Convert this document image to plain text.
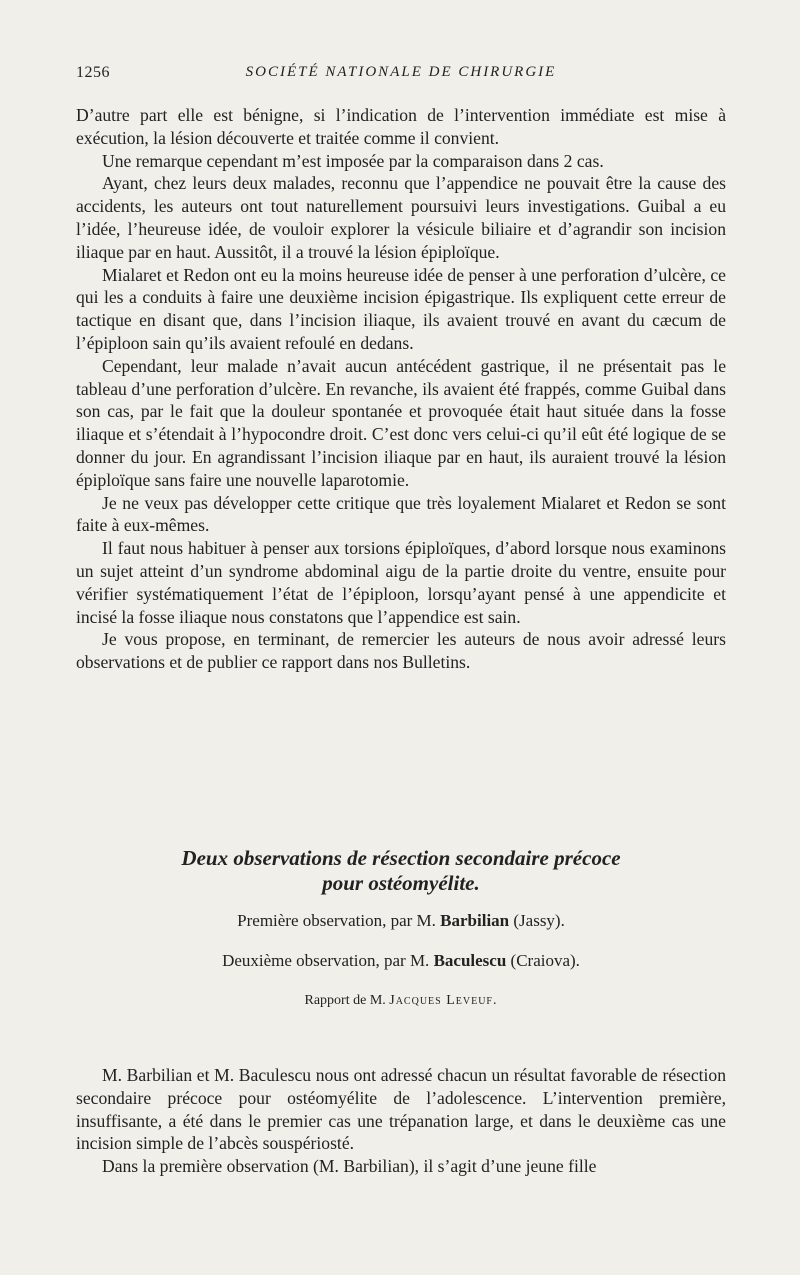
1256	SOCIÉTÉ NATIONALE DE CHIRURGIE

D’autre part elle est bénigne, si l’indication de l’intervention immédiate est mise à exécution, la lésion découverte et traitée comme il convient.

Une remarque cependant m’est imposée par la comparaison dans 2 cas.

Ayant, chez leurs deux malades, reconnu que l’appendice ne pouvait être la cause des accidents, les auteurs ont tout naturellement poursuivi leurs investigations. Guibal a eu l’idée, l’heureuse idée, de vouloir explorer la vésicule biliaire et d’agrandir son incision iliaque par en haut. Aussitôt, il a trouvé la lésion épiploïque.

Mialaret et Redon ont eu la moins heureuse idée de penser à une perforation d’ulcère, ce qui les a conduits à faire une deuxième incision épigastrique. Ils expliquent cette erreur de tactique en disant que, dans l’incision iliaque, ils avaient trouvé en avant du cæcum de l’épiploon sain qu’ils avaient refoulé en dedans.

Cependant, leur malade n’avait aucun antécédent gastrique, il ne présentait pas le tableau d’une perforation d’ulcère. En revanche, ils avaient été frappés, comme Guibal dans son cas, par le fait que la douleur spontanée et provoquée était haut située dans la fosse iliaque et s’étendait à l’hypocondre droit. C’est donc vers celui-ci qu’il eût été logique de se donner du jour. En agrandissant l’incision iliaque par en haut, ils auraient trouvé la lésion épiploïque sans faire une nouvelle laparotomie.

Je ne veux pas développer cette critique que très loyalement Mialaret et Redon se sont faite à eux-mêmes.

Il faut nous habituer à penser aux torsions épiploïques, d’abord lorsque nous examinons un sujet atteint d’un syndrome abdominal aigu de la partie droite du ventre, ensuite pour vérifier systématiquement l’état de l’épiploon, lorsqu’ayant pensé à une appendicite et incisé la fosse iliaque nous constatons que l’appendice est sain.

Je vous propose, en terminant, de remercier les auteurs de nous avoir adressé leurs observations et de publier ce rapport dans nos Bulletins.

Deux observations de résection secondaire précoce
pour ostéomyélite.
Première observation, par M. Barbilian (Jassy).
Deuxième observation, par M. Baculescu (Craiova).
Rapport de M. Jacques Leveuf.

M. Barbilian et M. Baculescu nous ont adressé chacun un résultat favorable de résection secondaire précoce pour ostéomyélite de l’adolescence. L’intervention première, insuffisante, a été dans le premier cas une trépanation large, et dans le deuxième cas une incision simple de l’abcès souspériosté.

Dans la première observation (M. Barbilian), il s’agit d’une jeune fille
